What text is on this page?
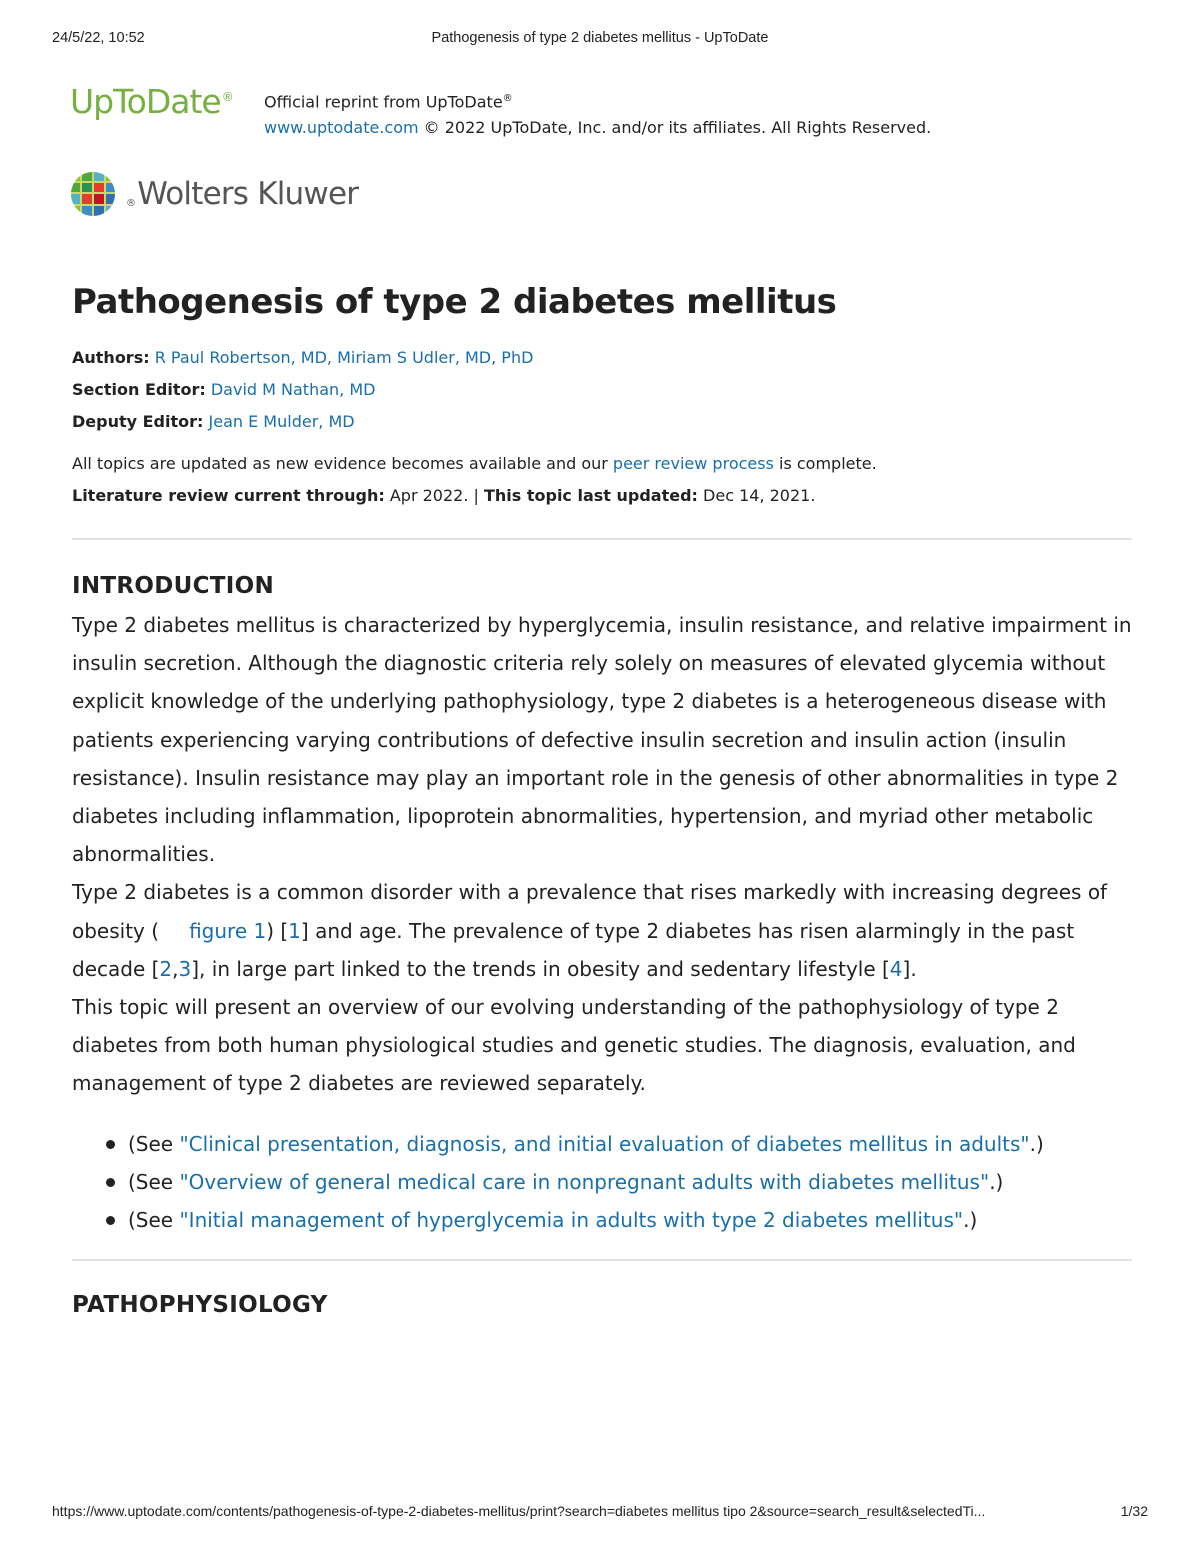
24/5/22, 10:52	Pathogenesis of type 2 diabetes mellitus - UpToDate
UpToDate® Official reprint from UpToDate®
www.uptodate.com © 2022 UpToDate, Inc. and/or its affiliates. All Rights Reserved.
®Wolters Kluwer
Pathogenesis of type 2 diabetes mellitus

Authors: R Paul Robertson, MD, Miriam S Udler, MD, PhD

Section Editor: David M Nathan, MD

Deputy Editor: Jean E Mulder, MD

All topics are updated as new evidence becomes available and our peer review process is complete.
Literature review current through: Apr 2022. | This topic last updated: Dec 14, 2021.
INTRODUCTION

Type 2 diabetes mellitus is characterized by hyperglycemia, insulin resistance, and relative impairment in insulin secretion. Although the diagnostic criteria rely solely on measures of elevated glycemia without explicit knowledge of the underlying pathophysiology, type 2 diabetes is a heterogeneous disease with patients experiencing varying contributions of defective insulin secretion and insulin action (insulin resistance). Insulin resistance may play an important role in the genesis of other abnormalities in type 2 diabetes including inflammation, lipoprotein abnormalities, hypertension, and myriad other metabolic abnormalities.

Type 2 diabetes is a common disorder with a prevalence that rises markedly with increasing degrees of obesity ( figure 1) [1] and age. The prevalence of type 2 diabetes has risen alarmingly in the past decade [2,3], in large part linked to the trends in obesity and sedentary lifestyle [4].

This topic will present an overview of our evolving understanding of the pathophysiology of type 2 diabetes from both human physiological studies and genetic studies. The diagnosis, evaluation, and management of type 2 diabetes are reviewed separately.

(See "Clinical presentation, diagnosis, and initial evaluation of diabetes mellitus in adults".)
(See "Overview of general medical care in nonpregnant adults with diabetes mellitus".)
(See "Initial management of hyperglycemia in adults with type 2 diabetes mellitus".)
PATHOPHYSIOLOGY
https://www.uptodate.com/contents/pathogenesis-of-type-2-diabetes-mellitus/print?search=diabetes mellitus tipo 2&source=search_result&selectedTi...	1/32
